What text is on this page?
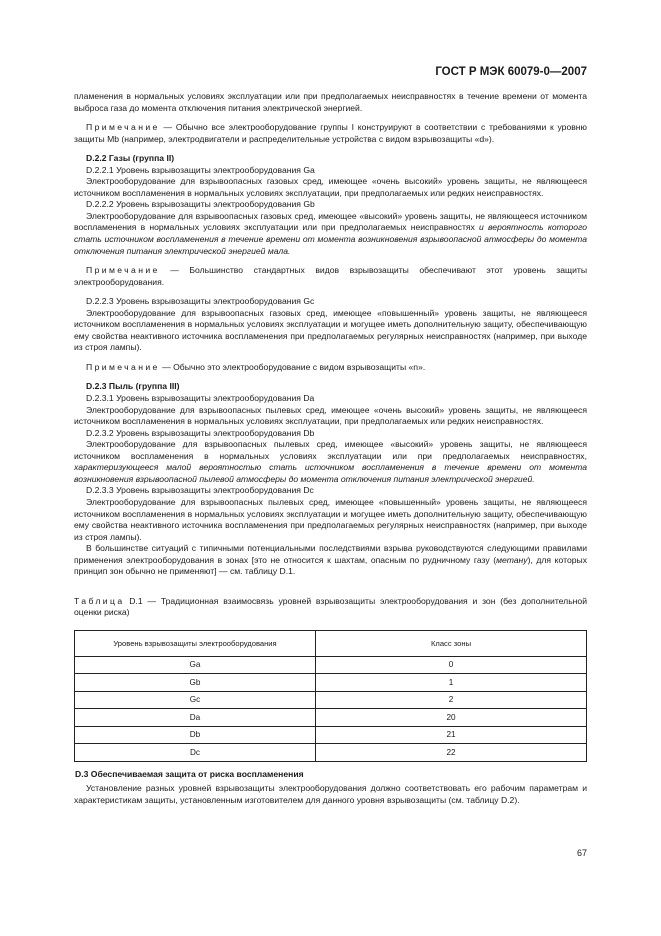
ГОСТ Р МЭК 60079-0—2007

пламенения в нормальных условиях эксплуатации или при предполагаемых неисправностях в течение времени от момента выброса газа до момента отключения питания электрической энергией.

Примечание — Обычно все электрооборудование группы I конструируют в соответствии с требованиями к уровню защиты Mb (например, электродвигатели и распределительные устройства с видом взрывозащиты «d»).

D.2.2 Газы (группа II)

D.2.2.1 Уровень взрывозащиты электрооборудования Ga

Электрооборудование для взрывоопасных газовых сред, имеющее «очень высокий» уровень защиты, не являющееся источником воспламенения в нормальных условиях эксплуатации, при предполагаемых или редких неисправностях.

D.2.2.2 Уровень взрывозащиты электрооборудования Gb

Электрооборудование для взрывоопасных газовых сред, имеющее «высокий» уровень защиты, не являющееся источником воспламенения в нормальных условиях эксплуатации или при предполагаемых неисправностях и вероятность которого стать источником воспламенения в течение времени от момента возникновения взрывоопасной атмосферы до момента отключения питания электрической энергией мала.

Примечание — Большинство стандартных видов взрывозащиты обеспечивают этот уровень защиты электрооборудования.

D.2.2.3 Уровень взрывозащиты электрооборудования Gc

Электрооборудование для взрывоопасных газовых сред, имеющее «повышенный» уровень защиты, не являющееся источником воспламенения в нормальных условиях эксплуатации и могущее иметь дополнительную защиту, обеспечивающую ему свойства неактивного источника воспламенения при предполагаемых регулярных неисправностях (например, при выходе из строя лампы).

Примечание — Обычно это электрооборудование с видом взрывозащиты «n».

D.2.3 Пыль (группа III)

D.2.3.1 Уровень взрывозащиты электрооборудования Da

Электрооборудование для взрывоопасных пылевых сред, имеющее «очень высокий» уровень защиты, не являющееся источником воспламенения в нормальных условиях эксплуатации, при предполагаемых или редких неисправностях.

D.2.3.2 Уровень взрывозащиты электрооборудования Db

Электрооборудование для взрывоопасных пылевых сред, имеющее «высокий» уровень защиты, не являющееся источником воспламенения в нормальных условиях эксплуатации или при предполагаемых неисправностях, характеризующееся малой вероятностью стать источником воспламенения в течение времени от момента возникновения взрывоопасной пылевой атмосферы до момента отключения питания электрической энергией.

D.2.3.3 Уровень взрывозащиты электрооборудования Dc

Электрооборудование для взрывоопасных пылевых сред, имеющее «повышенный» уровень защиты, не являющееся источником воспламенения в нормальных условиях эксплуатации и могущее иметь дополнительную защиту, обеспечивающую ему свойства неактивного источника воспламенения при предполагаемых регулярных неисправностях (например, при выходе из строя лампы).

В большинстве ситуаций с типичными потенциальными последствиями взрыва руководствуются следующими правилами применения электрооборудования в зонах [это не относится к шахтам, опасным по рудничному газу (метану), для которых принцип зон обычно не применяют] — см. таблицу D.1.

Таблица D.1 — Традиционная взаимосвязь уровней взрывозащиты электрооборудования и зон (без дополнительной оценки риска)

Уровень взрывозащиты электрооборудования	Класс зоны
Ga	0
Gb	1
Gc	2
Da	20
Db	21
Dc	22

D.3 Обеспечиваемая защита от риска воспламенения

Установление разных уровней взрывозащиты электрооборудования должно соответствовать его рабочим параметрам и характеристикам защиты, установленным изготовителем для данного уровня взрывозащиты (см. таблицу D.2).

67
